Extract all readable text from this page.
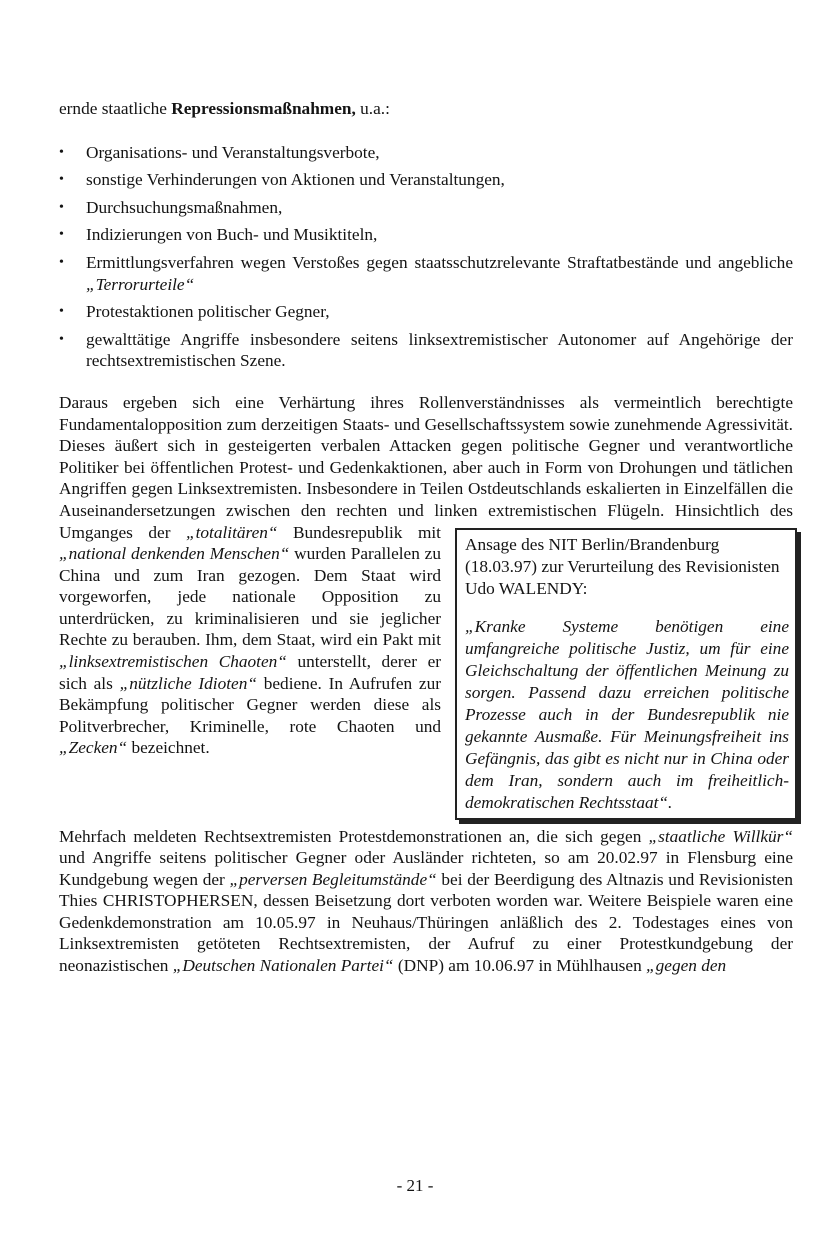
ernde staatliche Repressionsmaßnahmen, u.a.:

• Organisations- und Veranstaltungsverbote,
• sonstige Verhinderungen von Aktionen und Veranstaltungen,
• Durchsuchungsmaßnahmen,
• Indizierungen von Buch- und Musiktiteln,
• Ermittlungsverfahren wegen Verstoßes gegen staatsschutzrelevante Straftatbestände und angebliche „Terrorurteile“
• Protestaktionen politischer Gegner,
• gewalttätige Angriffe insbesondere seitens linksextremistischer Autonomer auf Angehörige der rechtsextremistischen Szene.

Daraus ergeben sich eine Verhärtung ihres Rollenverständnisses als vermeintlich berechtigte Fundamentalopposition zum derzeitigen Staats- und Gesellschaftssystem sowie zunehmende Agressivität. Dieses äußert sich in gesteigerten verbalen Attacken gegen politische Gegner und verantwortliche Politiker bei öffentlichen Protest- und Gedenkaktionen, aber auch in Form von Drohungen und tätlichen Angriffen gegen Linksextremisten. Insbesondere in Teilen Ostdeutschlands eskalierten in Einzelfällen die Auseinandersetzungen zwischen den rechten und linken extremistischen Flügeln. Hinsichtlich des Umganges der
Ansage des NIT Berlin/Brandenburg (18.03.97) zur Verurteilung des Revisionisten Udo WALENDY:
„Kranke Systeme benötigen eine umfangreiche politische Justiz, um für eine Gleichschaltung der öffentlichen Meinung zu sorgen. Passend dazu erreichen politische Prozesse auch in der Bundesrepublik nie gekannte Ausmaße. Für Meinungsfreiheit ins Gefängnis, das gibt es nicht nur in China oder dem Iran, sondern auch im freiheitlich-demokratischen Rechtsstaat“.
„totalitären“ Bundesrepublik mit „national denkenden Menschen“ wurden Parallelen zu China und zum Iran gezogen. Dem Staat wird vorgeworfen, jede nationale Opposition zu unterdrücken, zu kriminalisieren und sie jeglicher Rechte zu berauben. Ihm, dem Staat, wird ein Pakt mit „linksextremistischen Chaoten“ unterstellt, derer er sich als „nützliche Idioten“ bediene. In Aufrufen zur Bekämpfung politischer Gegner werden diese als Politverbrecher, Kriminelle, rote Chaoten und „Zecken“ bezeichnet.

Mehrfach meldeten Rechtsextremisten Protestdemonstrationen an, die sich gegen „staatliche Willkür“ und Angriffe seitens politischer Gegner oder Ausländer richteten, so am 20.02.97 in Flensburg eine Kundgebung wegen der „perversen Begleitumstände“ bei der Beerdigung des Altnazis und Revisionisten Thies CHRISTOPHERSEN, dessen Beisetzung dort verboten worden war. Weitere Beispiele waren eine Gedenkdemonstration am 10.05.97 in Neuhaus/Thüringen anläßlich des 2. Todestages eines von Linksextremisten getöteten Rechtsextremisten, der Aufruf zu einer Protestkundgebung der neonazistischen „Deutschen Nationalen Partei“ (DNP) am 10.06.97 in Mühlhausen „gegen den

- 21 -
